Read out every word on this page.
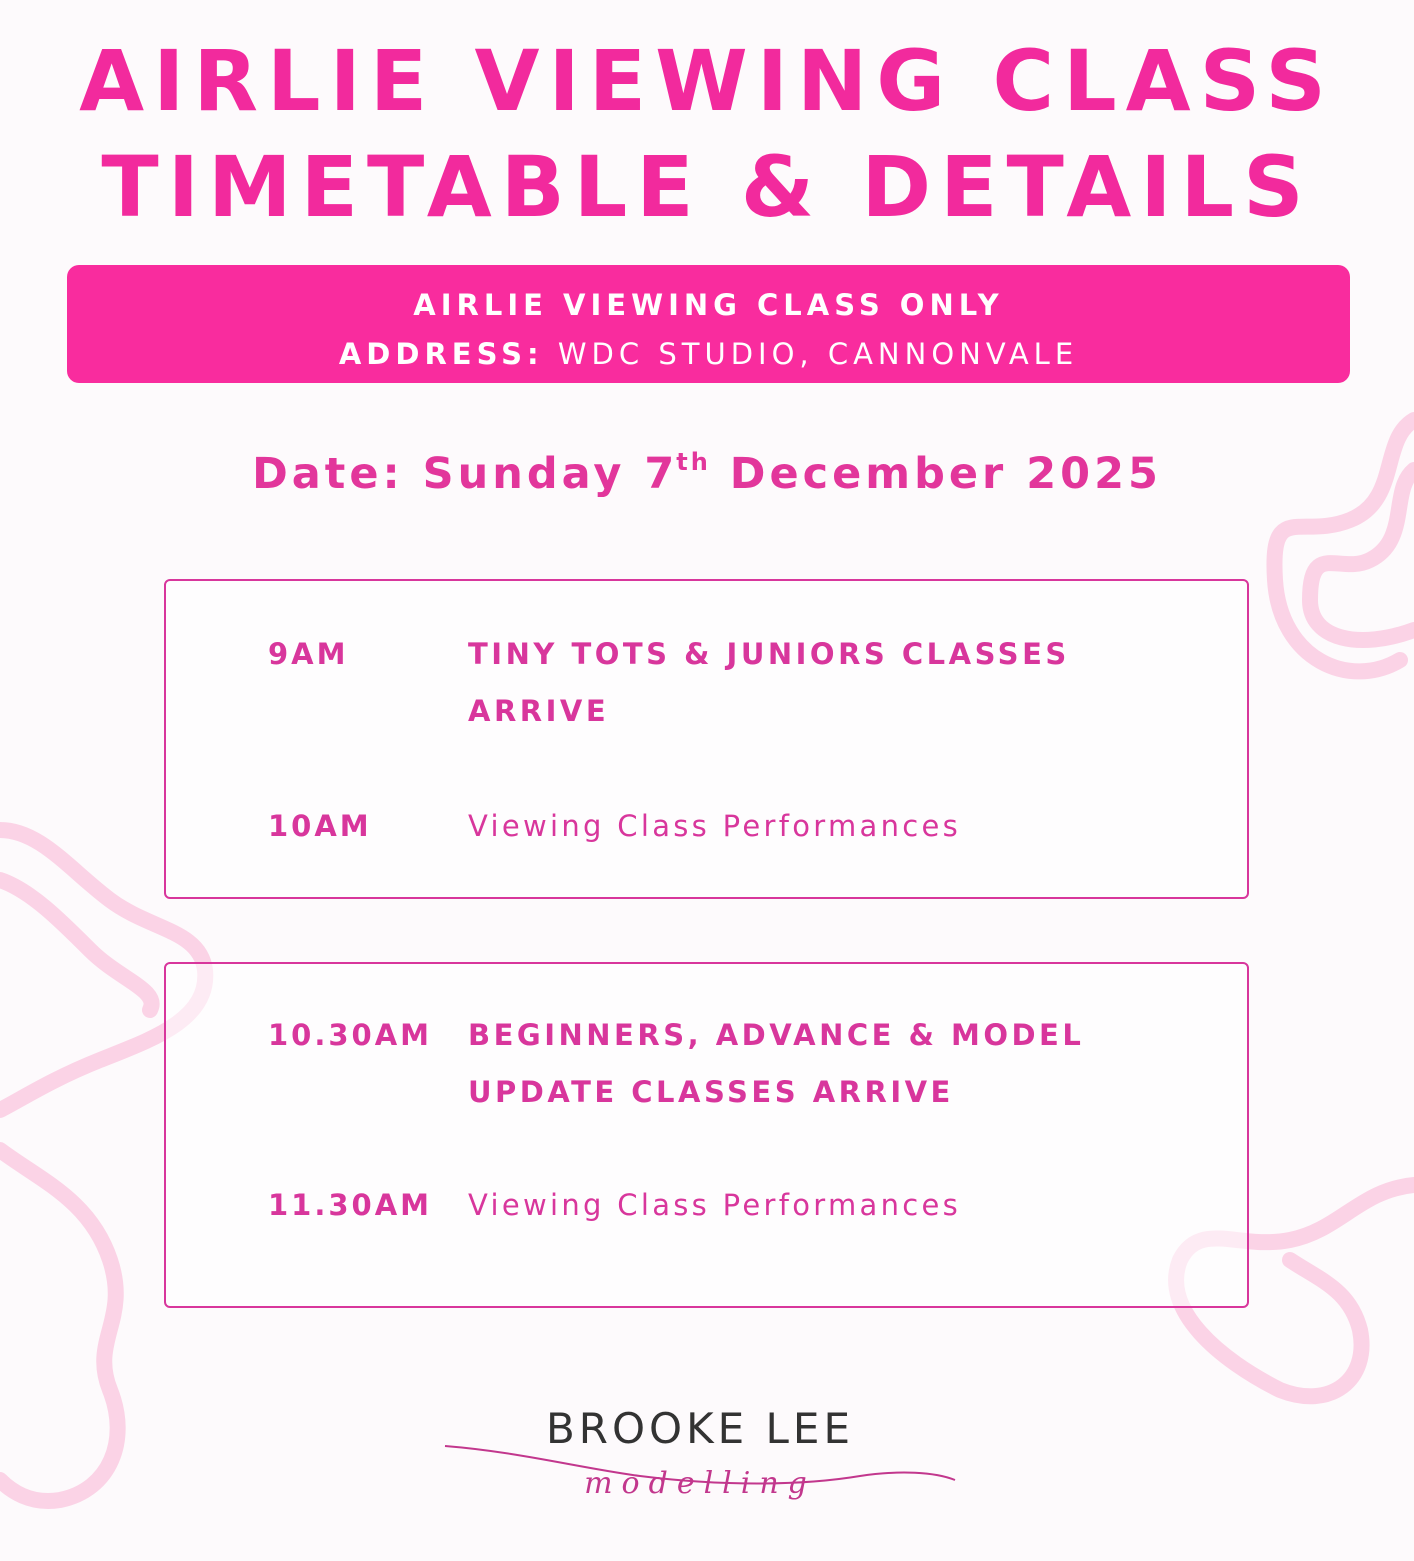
AIRLIE VIEWING CLASS
TIMETABLE & DETAILS
AIRLIE VIEWING CLASS ONLY
ADDRESS: WDC STUDIO, CANNONVALE
Date: Sunday 7th December 2025
9AM	TINY TOTS & JUNIORS CLASSES ARRIVE
10AM	Viewing Class Performances
10.30AM BEGINNERS, ADVANCE & MODEL UPDATE CLASSES ARRIVE
11.30AM Viewing Class Performances
BROOKE LEE
modelling
